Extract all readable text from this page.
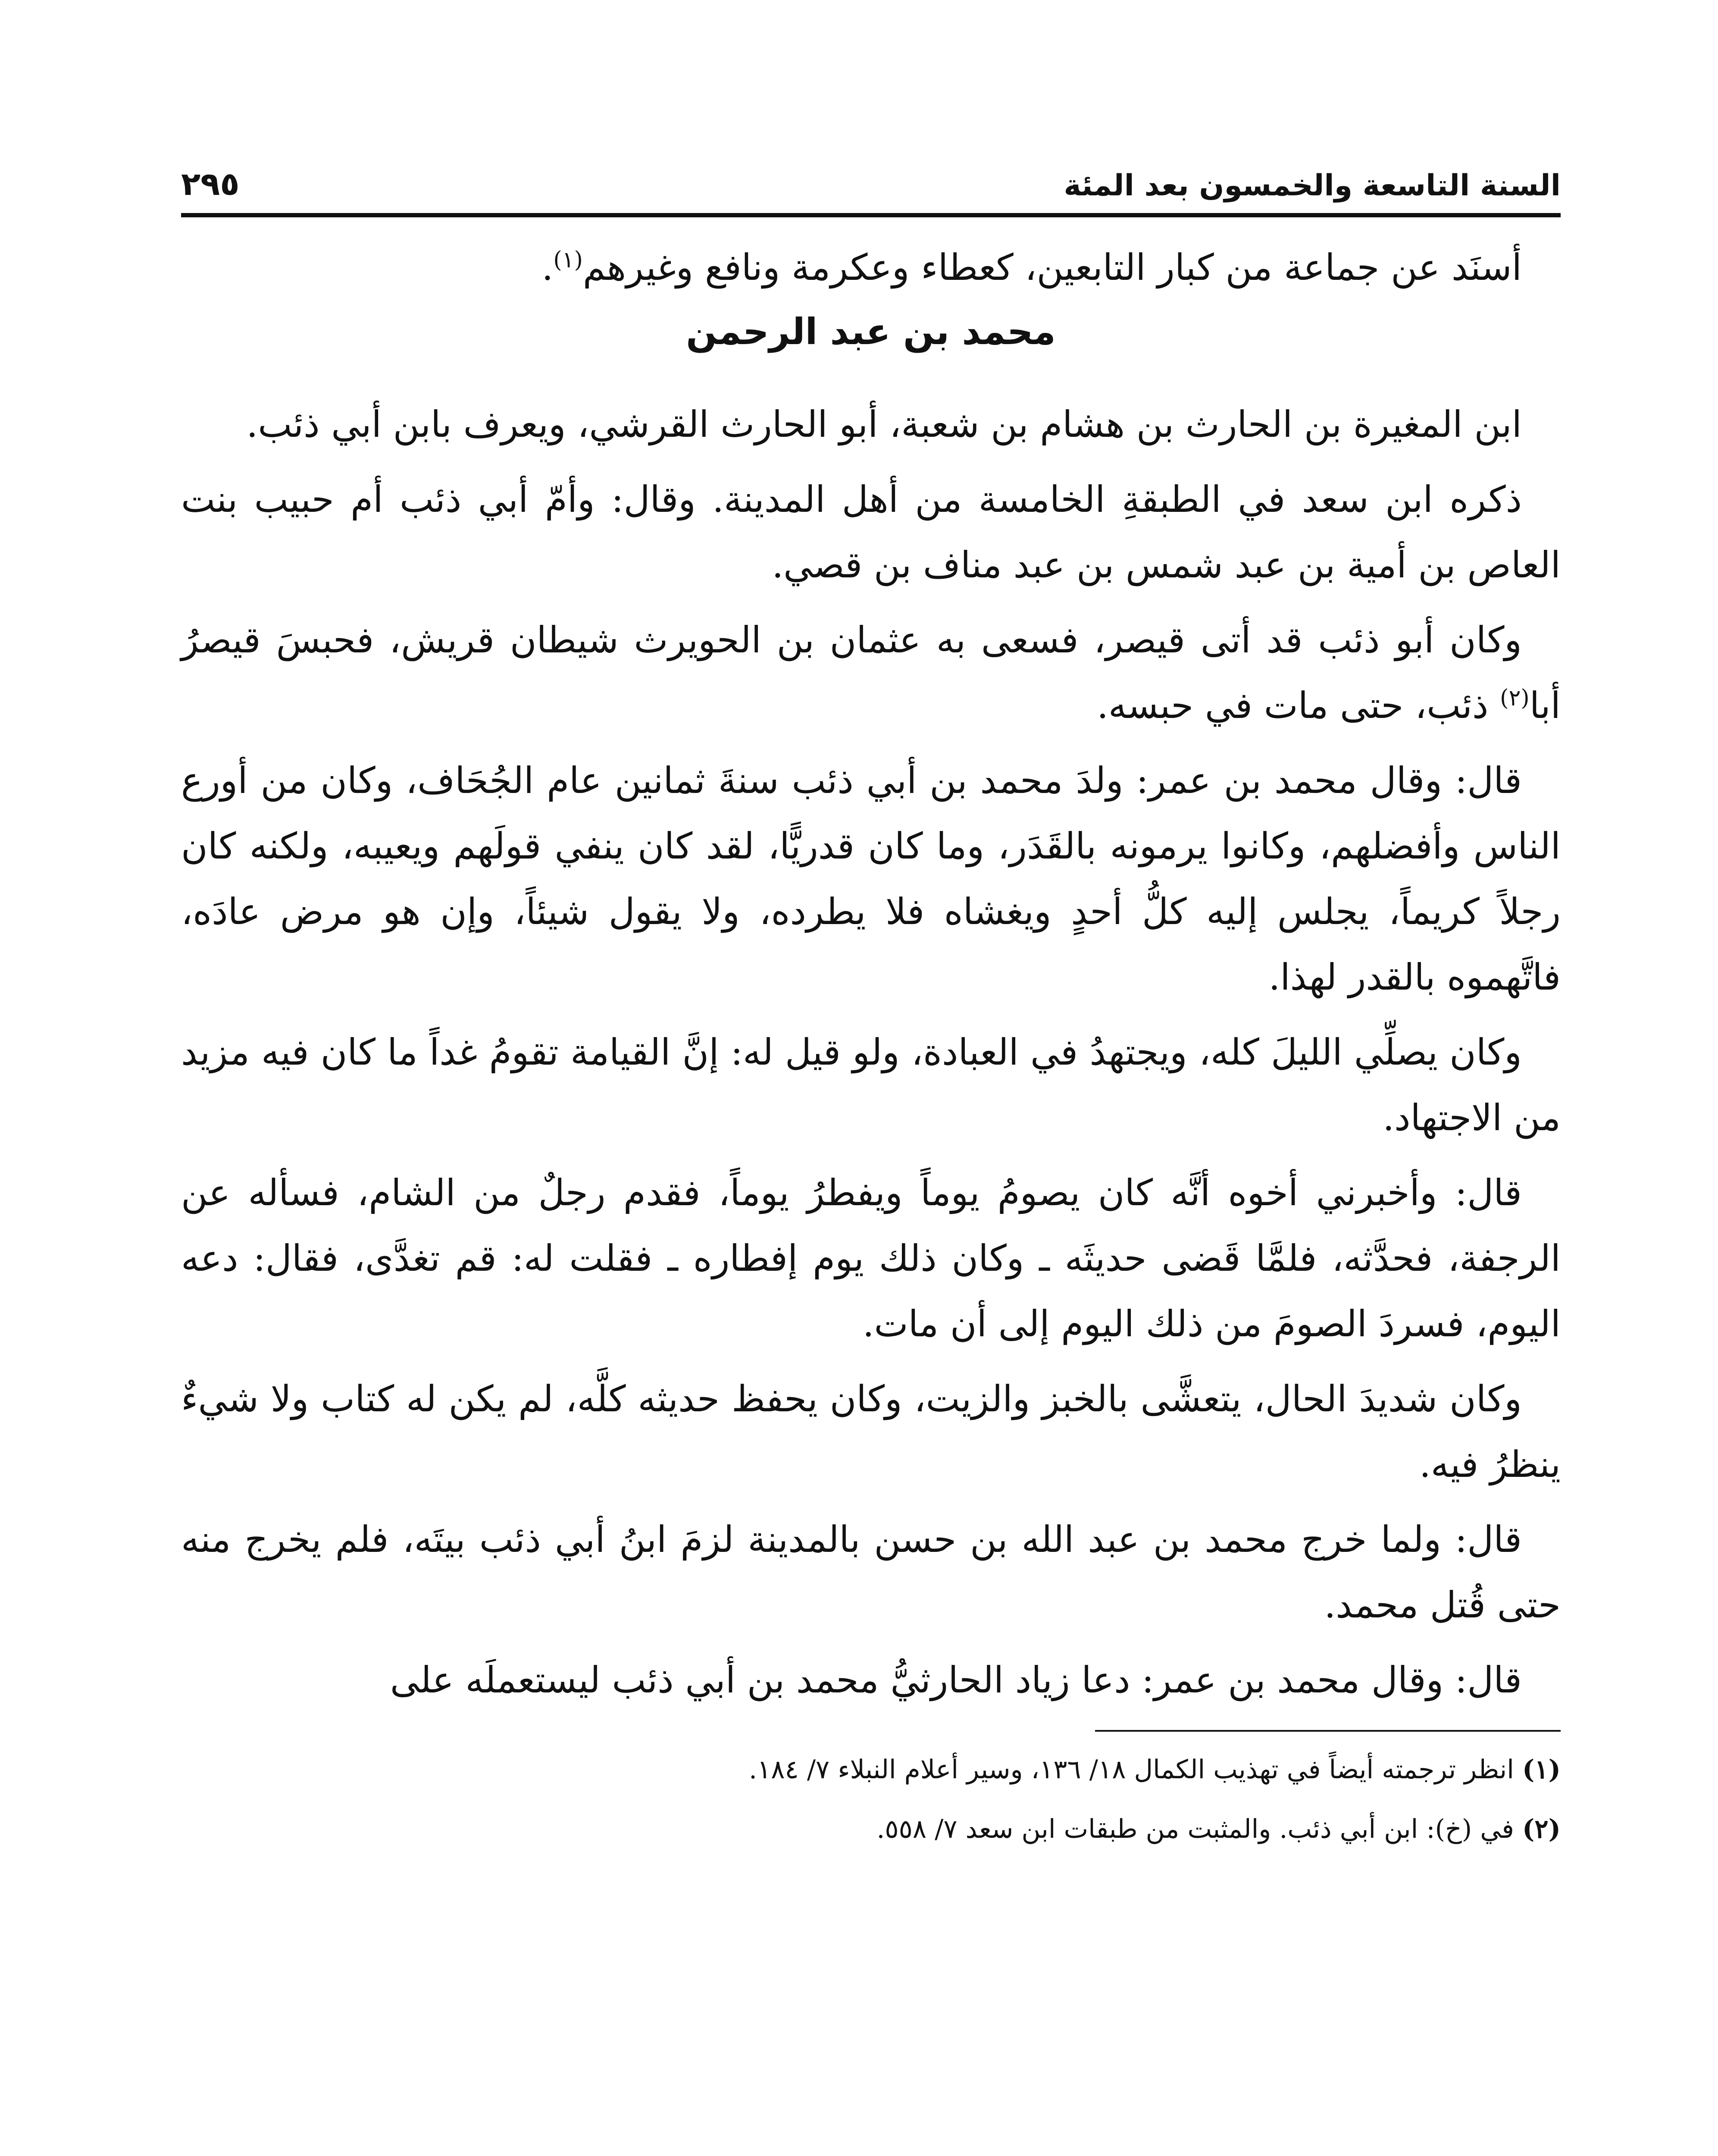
السنة التاسعة والخمسون بعد المئة
٢٩٥

أسنَد عن جماعة من كبار التابعين، كعطاء وعكرمة ونافع وغيرهم$^{(١)}$.

محمد بن عبد الرحمن

ابن المغيرة بن الحارث بن هشام بن شعبة، أبو الحارث القرشي، ويعرف بابن أبي ذئب.

ذكره ابن سعد في الطبقةِ الخامسة من أهل المدينة. وقال: وأمّ أبي ذئب أم حبيب بنت العاص بن أمية بن عبد شمس بن عبد مناف بن قصي.

وكان أبو ذئب قد أتى قيصر، فسعى به عثمان بن الحويرث شيطان قريش، فحبسَ قيصرُ أبا$^{(٢)}$ ذئب، حتى مات في حبسه.

قال: وقال محمد بن عمر: ولدَ محمد بن أبي ذئب سنةَ ثمانين عام الجُحَاف، وكان من أورع الناس وأفضلهم، وكانوا يرمونه بالقَدَر، وما كان قدريًّا، لقد كان ينفي قولَهم ويعيبه، ولكنه كان رجلاً كريماً، يجلس إليه كلُّ أحدٍ ويغشاه فلا يطرده، ولا يقول شيئاً، وإن هو مرض عادَه، فاتَّهموه بالقدر لهذا.

وكان يصلِّي الليلَ كله، ويجتهدُ في العبادة، ولو قيل له: إنَّ القيامة تقومُ غداً ما كان فيه مزيد من الاجتهاد.

قال: وأخبرني أخوه أنَّه كان يصومُ يوماً ويفطرُ يوماً، فقدم رجلٌ من الشام، فسأله عن الرجفة، فحدَّثه، فلمَّا قَضى حديثَه ـ وكان ذلك يوم إفطاره ـ فقلت له: قم تغدَّى، فقال: دعه اليوم، فسردَ الصومَ من ذلك اليوم إلى أن مات.

وكان شديدَ الحال، يتعشَّى بالخبز والزيت، وكان يحفظ حديثه كلَّه، لم يكن له كتاب ولا شيءٌ ينظرُ فيه.

قال: ولما خرج محمد بن عبد الله بن حسن بالمدينة لزمَ ابنُ أبي ذئب بيتَه، فلم يخرج منه حتى قُتل محمد.

قال: وقال محمد بن عمر: دعا زياد الحارثيُّ محمد بن أبي ذئب ليستعملَه على

(١) انظر ترجمته أيضاً في تهذيب الكمال ١٨/ ١٣٦، وسير أعلام النبلاء ٧/ ١٨٤.

(٢) في (خ): ابن أبي ذئب. والمثبت من طبقات ابن سعد ٧/ ٥٥٨.
